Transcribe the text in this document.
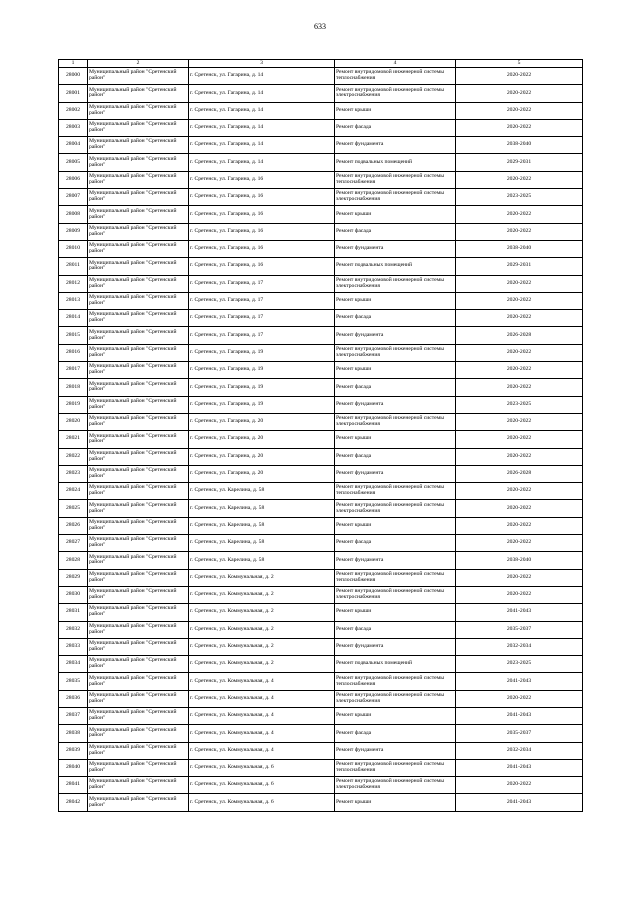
633
1	2	3	4	5
28000	Муниципальный район "Сретенский район"	г. Сретенск, ул. Гагарина, д. 14	Ремонт внутридомовой инженерной системы теплоснабжения	2020-2022
28001	Муниципальный район "Сретенский район"	г. Сретенск, ул. Гагарина, д. 14	Ремонт внутридомовой инженерной системы электроснабжения	2020-2022
28002	Муниципальный район "Сретенский район"	г. Сретенск, ул. Гагарина, д. 14	Ремонт крыши	2020-2022
28003	Муниципальный район "Сретенский район"	г. Сретенск, ул. Гагарина, д. 14	Ремонт фасада	2020-2022
28004	Муниципальный район "Сретенский район"	г. Сретенск, ул. Гагарина, д. 14	Ремонт фундамента	2038-2040
28005	Муниципальный район "Сретенский район"	г. Сретенск, ул. Гагарина, д. 14	Ремонт подвальных помещений	2029-2031
28006	Муниципальный район "Сретенский район"	г. Сретенск, ул. Гагарина, д. 16	Ремонт внутридомовой инженерной системы теплоснабжения	2020-2022
28007	Муниципальный район "Сретенский район"	г. Сретенск, ул. Гагарина, д. 16	Ремонт внутридомовой инженерной системы электроснабжения	2023-2025
28008	Муниципальный район "Сретенский район"	г. Сретенск, ул. Гагарина, д. 16	Ремонт крыши	2020-2022
28009	Муниципальный район "Сретенский район"	г. Сретенск, ул. Гагарина, д. 16	Ремонт фасада	2020-2022
28010	Муниципальный район "Сретенский район"	г. Сретенск, ул. Гагарина, д. 16	Ремонт фундамента	2038-2040
28011	Муниципальный район "Сретенский район"	г. Сретенск, ул. Гагарина, д. 16	Ремонт подвальных помещений	2029-2031
28012	Муниципальный район "Сретенский район"	г. Сретенск, ул. Гагарина, д. 17	Ремонт внутридомовой инженерной системы электроснабжения	2020-2022
28013	Муниципальный район "Сретенский район"	г. Сретенск, ул. Гагарина, д. 17	Ремонт крыши	2020-2022
28014	Муниципальный район "Сретенский район"	г. Сретенск, ул. Гагарина, д. 17	Ремонт фасада	2020-2022
28015	Муниципальный район "Сретенский район"	г. Сретенск, ул. Гагарина, д. 17	Ремонт фундамента	2026-2028
28016	Муниципальный район "Сретенский район"	г. Сретенск, ул. Гагарина, д. 19	Ремонт внутридомовой инженерной системы электроснабжения	2020-2022
28017	Муниципальный район "Сретенский район"	г. Сретенск, ул. Гагарина, д. 19	Ремонт крыши	2020-2022
28018	Муниципальный район "Сретенский район"	г. Сретенск, ул. Гагарина, д. 19	Ремонт фасада	2020-2022
28019	Муниципальный район "Сретенский район"	г. Сретенск, ул. Гагарина, д. 19	Ремонт фундамента	2023-2025
28020	Муниципальный район "Сретенский район"	г. Сретенск, ул. Гагарина, д. 20	Ремонт внутридомовой инженерной системы электроснабжения	2020-2022
28021	Муниципальный район "Сретенский район"	г. Сретенск, ул. Гагарина, д. 20	Ремонт крыши	2020-2022
28022	Муниципальный район "Сретенский район"	г. Сретенск, ул. Гагарина, д. 20	Ремонт фасада	2020-2022
28023	Муниципальный район "Сретенский район"	г. Сретенск, ул. Гагарина, д. 20	Ремонт фундамента	2026-2028
28024	Муниципальный район "Сретенский район"	г. Сретенск, ул. Карелина, д. 58	Ремонт внутридомовой инженерной системы теплоснабжения	2020-2022
28025	Муниципальный район "Сретенский район"	г. Сретенск, ул. Карелина, д. 58	Ремонт внутридомовой инженерной системы электроснабжения	2020-2022
28026	Муниципальный район "Сретенский район"	г. Сретенск, ул. Карелина, д. 58	Ремонт крыши	2020-2022
28027	Муниципальный район "Сретенский район"	г. Сретенск, ул. Карелина, д. 58	Ремонт фасада	2020-2022
28028	Муниципальный район "Сретенский район"	г. Сретенск, ул. Карелина, д. 58	Ремонт фундамента	2038-2040
28029	Муниципальный район "Сретенский район"	г. Сретенск, ул. Коммунальная, д. 2	Ремонт внутридомовой инженерной системы теплоснабжения	2020-2022
28030	Муниципальный район "Сретенский район"	г. Сретенск, ул. Коммунальная, д. 2	Ремонт внутридомовой инженерной системы электроснабжения	2020-2022
28031	Муниципальный район "Сретенский район"	г. Сретенск, ул. Коммунальная, д. 2	Ремонт крыши	2041-2043
28032	Муниципальный район "Сретенский район"	г. Сретенск, ул. Коммунальная, д. 2	Ремонт фасада	2035-2037
28033	Муниципальный район "Сретенский район"	г. Сретенск, ул. Коммунальная, д. 2	Ремонт фундамента	2032-2034
28034	Муниципальный район "Сретенский район"	г. Сретенск, ул. Коммунальная, д. 2	Ремонт подвальных помещений	2023-2025
28035	Муниципальный район "Сретенский район"	г. Сретенск, ул. Коммунальная, д. 4	Ремонт внутридомовой инженерной системы теплоснабжения	2041-2043
28036	Муниципальный район "Сретенский район"	г. Сретенск, ул. Коммунальная, д. 4	Ремонт внутридомовой инженерной системы электроснабжения	2020-2022
28037	Муниципальный район "Сретенский район"	г. Сретенск, ул. Коммунальная, д. 4	Ремонт крыши	2041-2043
28038	Муниципальный район "Сретенский район"	г. Сретенск, ул. Коммунальная, д. 4	Ремонт фасада	2035-2037
28039	Муниципальный район "Сретенский район"	г. Сретенск, ул. Коммунальная, д. 4	Ремонт фундамента	2032-2034
28040	Муниципальный район "Сретенский район"	г. Сретенск, ул. Коммунальная, д. 6	Ремонт внутридомовой инженерной системы теплоснабжения	2041-2043
28041	Муниципальный район "Сретенский район"	г. Сретенск, ул. Коммунальная, д. 6	Ремонт внутридомовой инженерной системы электроснабжения	2020-2022
28042	Муниципальный район "Сретенский район"	г. Сретенск, ул. Коммунальная, д. 6	Ремонт крыши	2041-2043
